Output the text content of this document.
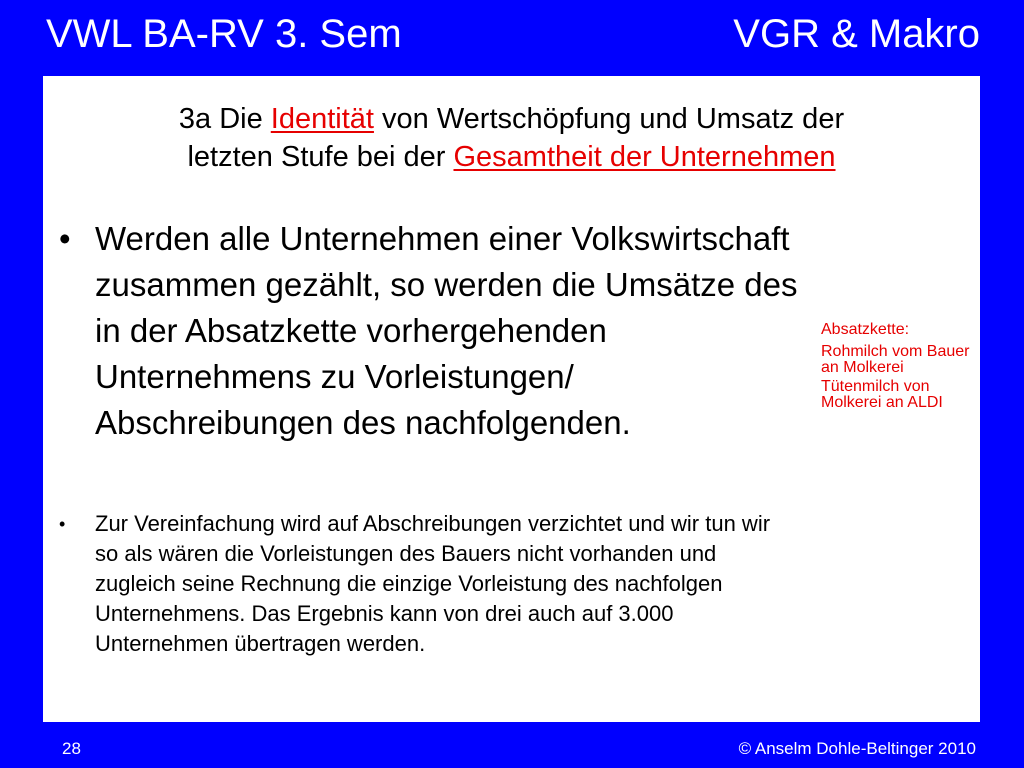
VWL BA-RV 3. Sem	VGR & Makro
3a Die Identität von Wertschöpfung und Umsatz der
letzten Stufe bei der Gesamtheit der Unternehmen
• Werden alle Unternehmen einer Volkswirtschaft zusammen gezählt, so werden die Umsätze des in der Absatzkette vorhergehenden Unternehmens zu Vorleistungen/ Abschreibungen des nachfolgenden.
•	Zur Vereinfachung wird auf Abschreibungen verzichtet und wir tun wir so als wären die Vorleistungen des Bauers nicht vorhanden und zugleich seine Rechnung die einzige Vorleistung des nachfolgen Unternehmens. Das Ergebnis kann von drei auch auf 3.000 Unternehmen übertragen werden.
Absatzkette:
Rohmilch vom Bauer an Molkerei
Tütenmilch von Molkerei an ALDI
28	© Anselm Dohle-Beltinger 2010
